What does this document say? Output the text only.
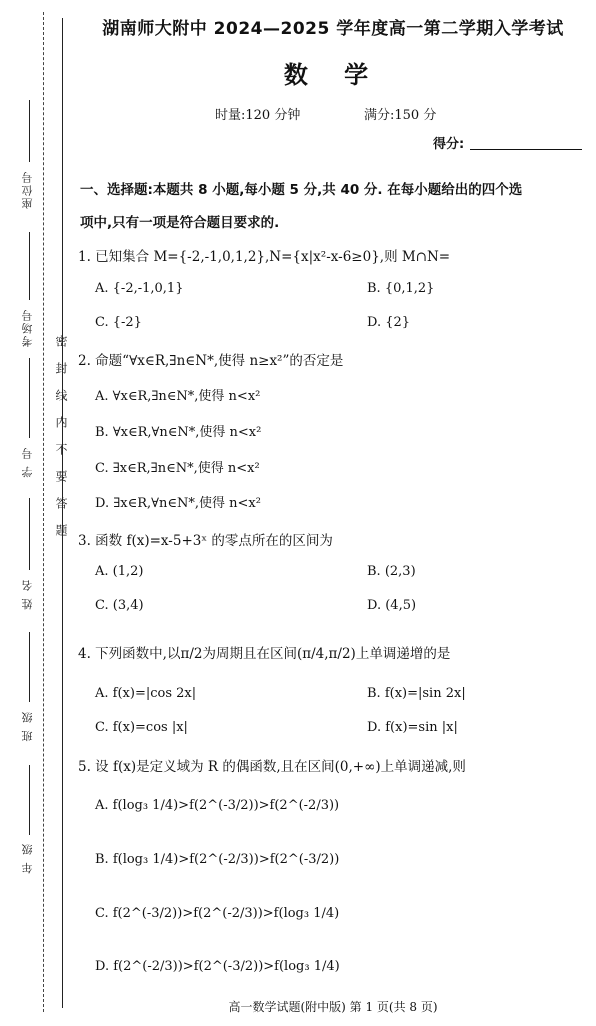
座位号
考场号
学 号
姓 名
班 级
年 级
密封线内不要答题
湖南师大附中 2024—2025 学年度高一第二学期入学考试
数 学
时量:120 分钟	满分:150 分
得分:
一、选择题:本题共 8 小题,每小题 5 分,共 40 分. 在每小题给出的四个选
项中,只有一项是符合题目要求的.
1. 已知集合 M={-2,-1,0,1,2},N={x|x²-x-6≥0},则 M∩N=
A. {-2,-1,0,1}	B. {0,1,2}
C. {-2}	D. {2}
2. 命题“∀x∈R,∃n∈N*,使得 n≥x²”的否定是
A. ∀x∈R,∃n∈N*,使得 n<x²
B. ∀x∈R,∀n∈N*,使得 n<x²
C. ∃x∈R,∃n∈N*,使得 n<x²
D. ∃x∈R,∀n∈N*,使得 n<x²
3. 函数 f(x)=x-5+3ˣ 的零点所在的区间为
A. (1,2)	B. (2,3)
C. (3,4)	D. (4,5)
4. 下列函数中,以π/2为周期且在区间(π/4,π/2)上单调递增的是
A. f(x)=|cos 2x|	B. f(x)=|sin 2x|
C. f(x)=cos |x|	D. f(x)=sin |x|
5. 设 f(x)是定义域为 R 的偶函数,且在区间(0,+∞)上单调递减,则
A. f(log₃ 1/4)>f(2^(-3/2))>f(2^(-2/3))
B. f(log₃ 1/4)>f(2^(-2/3))>f(2^(-3/2))
C. f(2^(-3/2))>f(2^(-2/3))>f(log₃ 1/4)
D. f(2^(-2/3))>f(2^(-3/2))>f(log₃ 1/4)
高一数学试题(附中版) 第 1 页(共 8 页)
